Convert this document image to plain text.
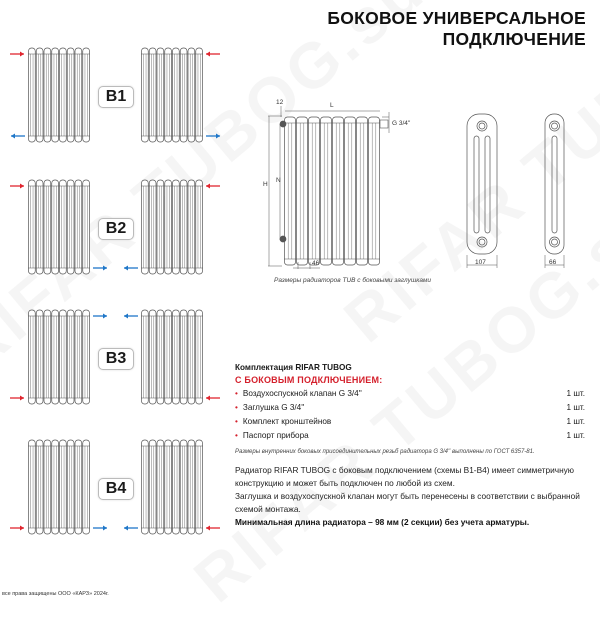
БОКОВОЕ УНИВЕРСАЛЬНОЕ
ПОДКЛЮЧЕНИЕ
B1
B2
B3
B4
12	L
H
N
46
G 3/4''
107	66
Размеры радиаторов TUB с боковыми заглушками
Комплектация RIFAR TUBOG
С БОКОВЫМ ПОДКЛЮЧЕНИЕМ:
• Воздухоспускной клапан G 3/4''	1 шт.
• Заглушка G 3/4''	1 шт.
• Комплект кронштейнов	1 шт.
• Паспорт прибора	1 шт.
Размеры внутренних боковых присоединительных резьб радиатора G 3/4'' выполнены по ГОСТ 6357-81.
Радиатор RIFAR TUBOG с боковым подключением (схемы B1-B4) имеет симметричную конструкцию и может быть подключен по любой из схем.
Заглушка и воздухоспускной клапан могут быть перенесены в соответствии с выбранной схемой монтажа.
Минимальная длина радиатора – 98 мм (2 секции) без учета арматуры.
все права защищены ООО «КАРЗ» 2024г.
